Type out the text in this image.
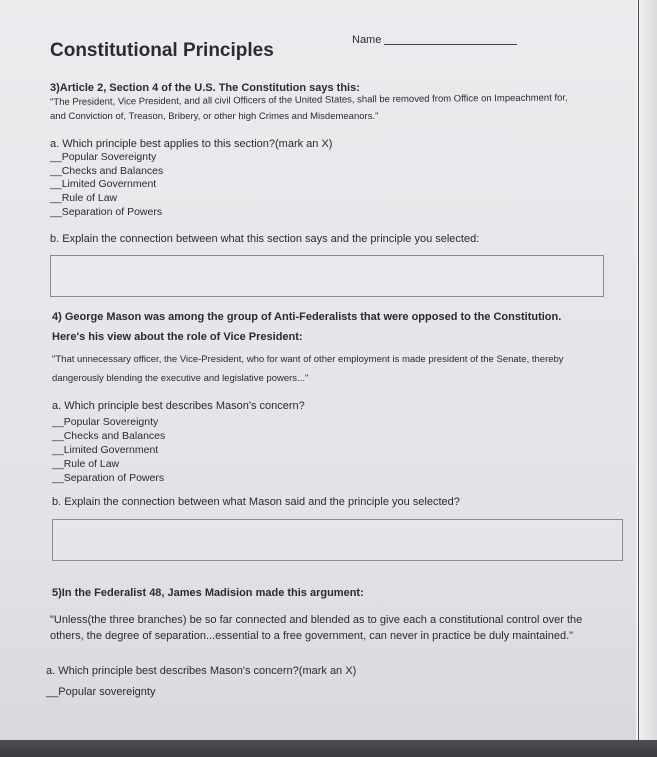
Constitutional Principles	Name
3)Article 2, Section 4 of the U.S. The Constitution says this:
"The President, Vice President, and all civil Officers of the United States, shall be removed from Office on Impeachment for,
and Conviction of, Treason, Bribery, or other high Crimes and Misdemeanors."
a. Which principle best applies to this section?(mark an X)
__Popular Sovereignty
__Checks and Balances
__Limited Government
__Rule of Law
__Separation of Powers
b. Explain the connection between what this section says and the principle you selected:
4) George Mason was among the group of Anti-Federalists that were opposed to the Constitution.
Here's his view about the role of Vice President:
"That unnecessary officer, the Vice-President, who for want of other employment is made president of the Senate, thereby
dangerously blending the executive and legislative powers..."
a. Which principle best describes Mason's concern?
__Popular Sovereignty
__Checks and Balances
__Limited Government
__Rule of Law
__Separation of Powers
b. Explain the connection between what Mason said and the principle you selected?
5)In the Federalist 48, James Madision made this argument:
"Unless(the three branches) be so far connected and blended as to give each a constitutional control over the
others, the degree of separation...essential to a free government, can never in practice be duly maintained."
a. Which principle best describes Mason's concern?(mark an X)
__Popular sovereignty
